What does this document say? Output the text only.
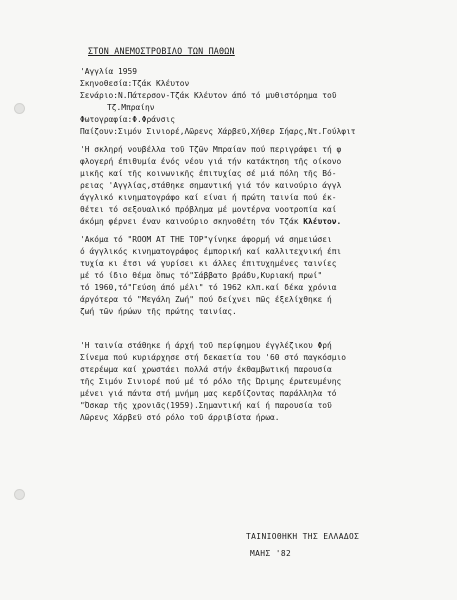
ΣΤΟΝ ΑΝΕΜΟΣΤΡΟΒΙΛΟ ΤΩΝ ΠΑΘΩΝ
'Αγγλία 1959
Σκηνοθεσία:Τζάκ Κλέυτον
Σενάριο:Ν.Πάτερσον-Τζάκ Κλέυτον άπό τό μυθιστόρημα τοῦ
Τζ.Μπραίην
Φωτογραφία:Φ.Φράνσις
Παίζουν:Σιμόν Σινιορέ,Λῶρενς Χάρβεϋ,Χήθερ Σήαρς,Ντ.Γούλφιτ
'Η σκληρή νουβέλλα τοῦ Τζῶν Μπραίαν πού περιγράφει τή φ
φλογερή έπιθυμία ένός νέου γιά τήν κατάκτηση τῆς οίκονο
μικῆς καί τῆς κοινωνικῆς έπιτυχίας σέ μιά πόλη τῆς Βό-
ρειας 'Αγγλίας,στάθηκε σημαντική γιά τόν καινούριο άγγλ
άγγλικό κινηματογράφο καί είναι ή πρώτη ταινία πού έκ-
θέτει τό σεξουαλικό πρόβλημα μέ μοντέρνα νοοτροπία καί
άκόμη φέρνει έναν καινούριο σκηνοθέτη τόν Τζάκ Κλέυτον.
'Ακόμα τό "ROOM AT THE TOP"γίνηκε άφορμή νά σημειώσει
ό άγγλικός κινηματογράφος έμπορική καί καλλιτεχνική έπι
τυχία κι έτσι νά γυρίσει κι άλλες έπιτυχημένες ταινίες
μέ τό ίδιο θέμα ὅπως τό"Σάββατο βράδυ,Κυριακή πρωί"
τό 1960,τό"Γεύση άπό μέλι" τό 1962 κλπ.καί δέκα χρόνια
άργότερα τό "Μεγάλη Ζωή" πού δείχνει πῶς έξελίχθηκε ή
ζωή τῶν ήρώων τῆς πρώτης ταινίας.
'Η ταινία στάθηκε ή άρχή τοῦ περίφημου έγγλέζικου Φρή
Σίνεμα πού κυριάρχησε στή δεκαετία του '60 στό παγκόσμιο
στερέωμα καί χρωστάει πολλά στήν έκθαμβωτική παρουσία
τῆς Σιμόν Σινιορέ πού μέ τό ρόλο τῆς Ώριμης έρωτευμένης
μένει γιά πάντα στή μνήμη μας κερδίζοντας παράλληλα τό
"Όσκαρ τῆς χρονιᾶς(1959).Σημαντική καί ή παρουσία τοῦ
Λῶρενς Χάρβεϋ στό ρόλο τοῦ άρριβίστα ήρωα.
ΤΑΙΝΙΟΘΗΚΗ ΤΗΣ ΕΛΛΑΔΟΣ
ΜΑΗΣ '82
